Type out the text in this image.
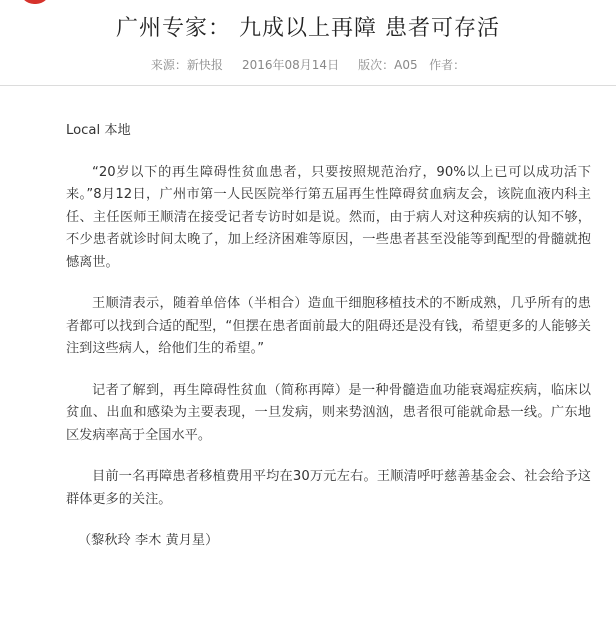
广州专家： 九成以上再障 患者可存活
来源：新快报 2016年08月14日 版次：A05 作者：

Local 本地

“20岁以下的再生障碍性贫血患者，只要按照规范治疗，90%以上已可以成功活下来。”8月12日，广州市第一人民医院举行第五届再生性障碍贫血病友会，该院血液内科主任、主任医师王顺清在接受记者专访时如是说。然而，由于病人对这种疾病的认知不够，不少患者就诊时间太晚了，加上经济困难等原因，一些患者甚至没能等到配型的骨髓就抱憾离世。

王顺清表示，随着单倍体（半相合）造血干细胞移植技术的不断成熟，几乎所有的患者都可以找到合适的配型，“但摆在患者面前最大的阻碍还是没有钱，希望更多的人能够关注到这些病人，给他们生的希望。”

记者了解到，再生障碍性贫血（简称再障）是一种骨髓造血功能衰竭症疾病，临床以贫血、出血和感染为主要表现，一旦发病，则来势汹汹，患者很可能就命悬一线。广东地区发病率高于全国水平。

目前一名再障患者移植费用平均在30万元左右。王顺清呼吁慈善基金会、社会给予这群体更多的关注。

（黎秋玲 李木 黄月星）
